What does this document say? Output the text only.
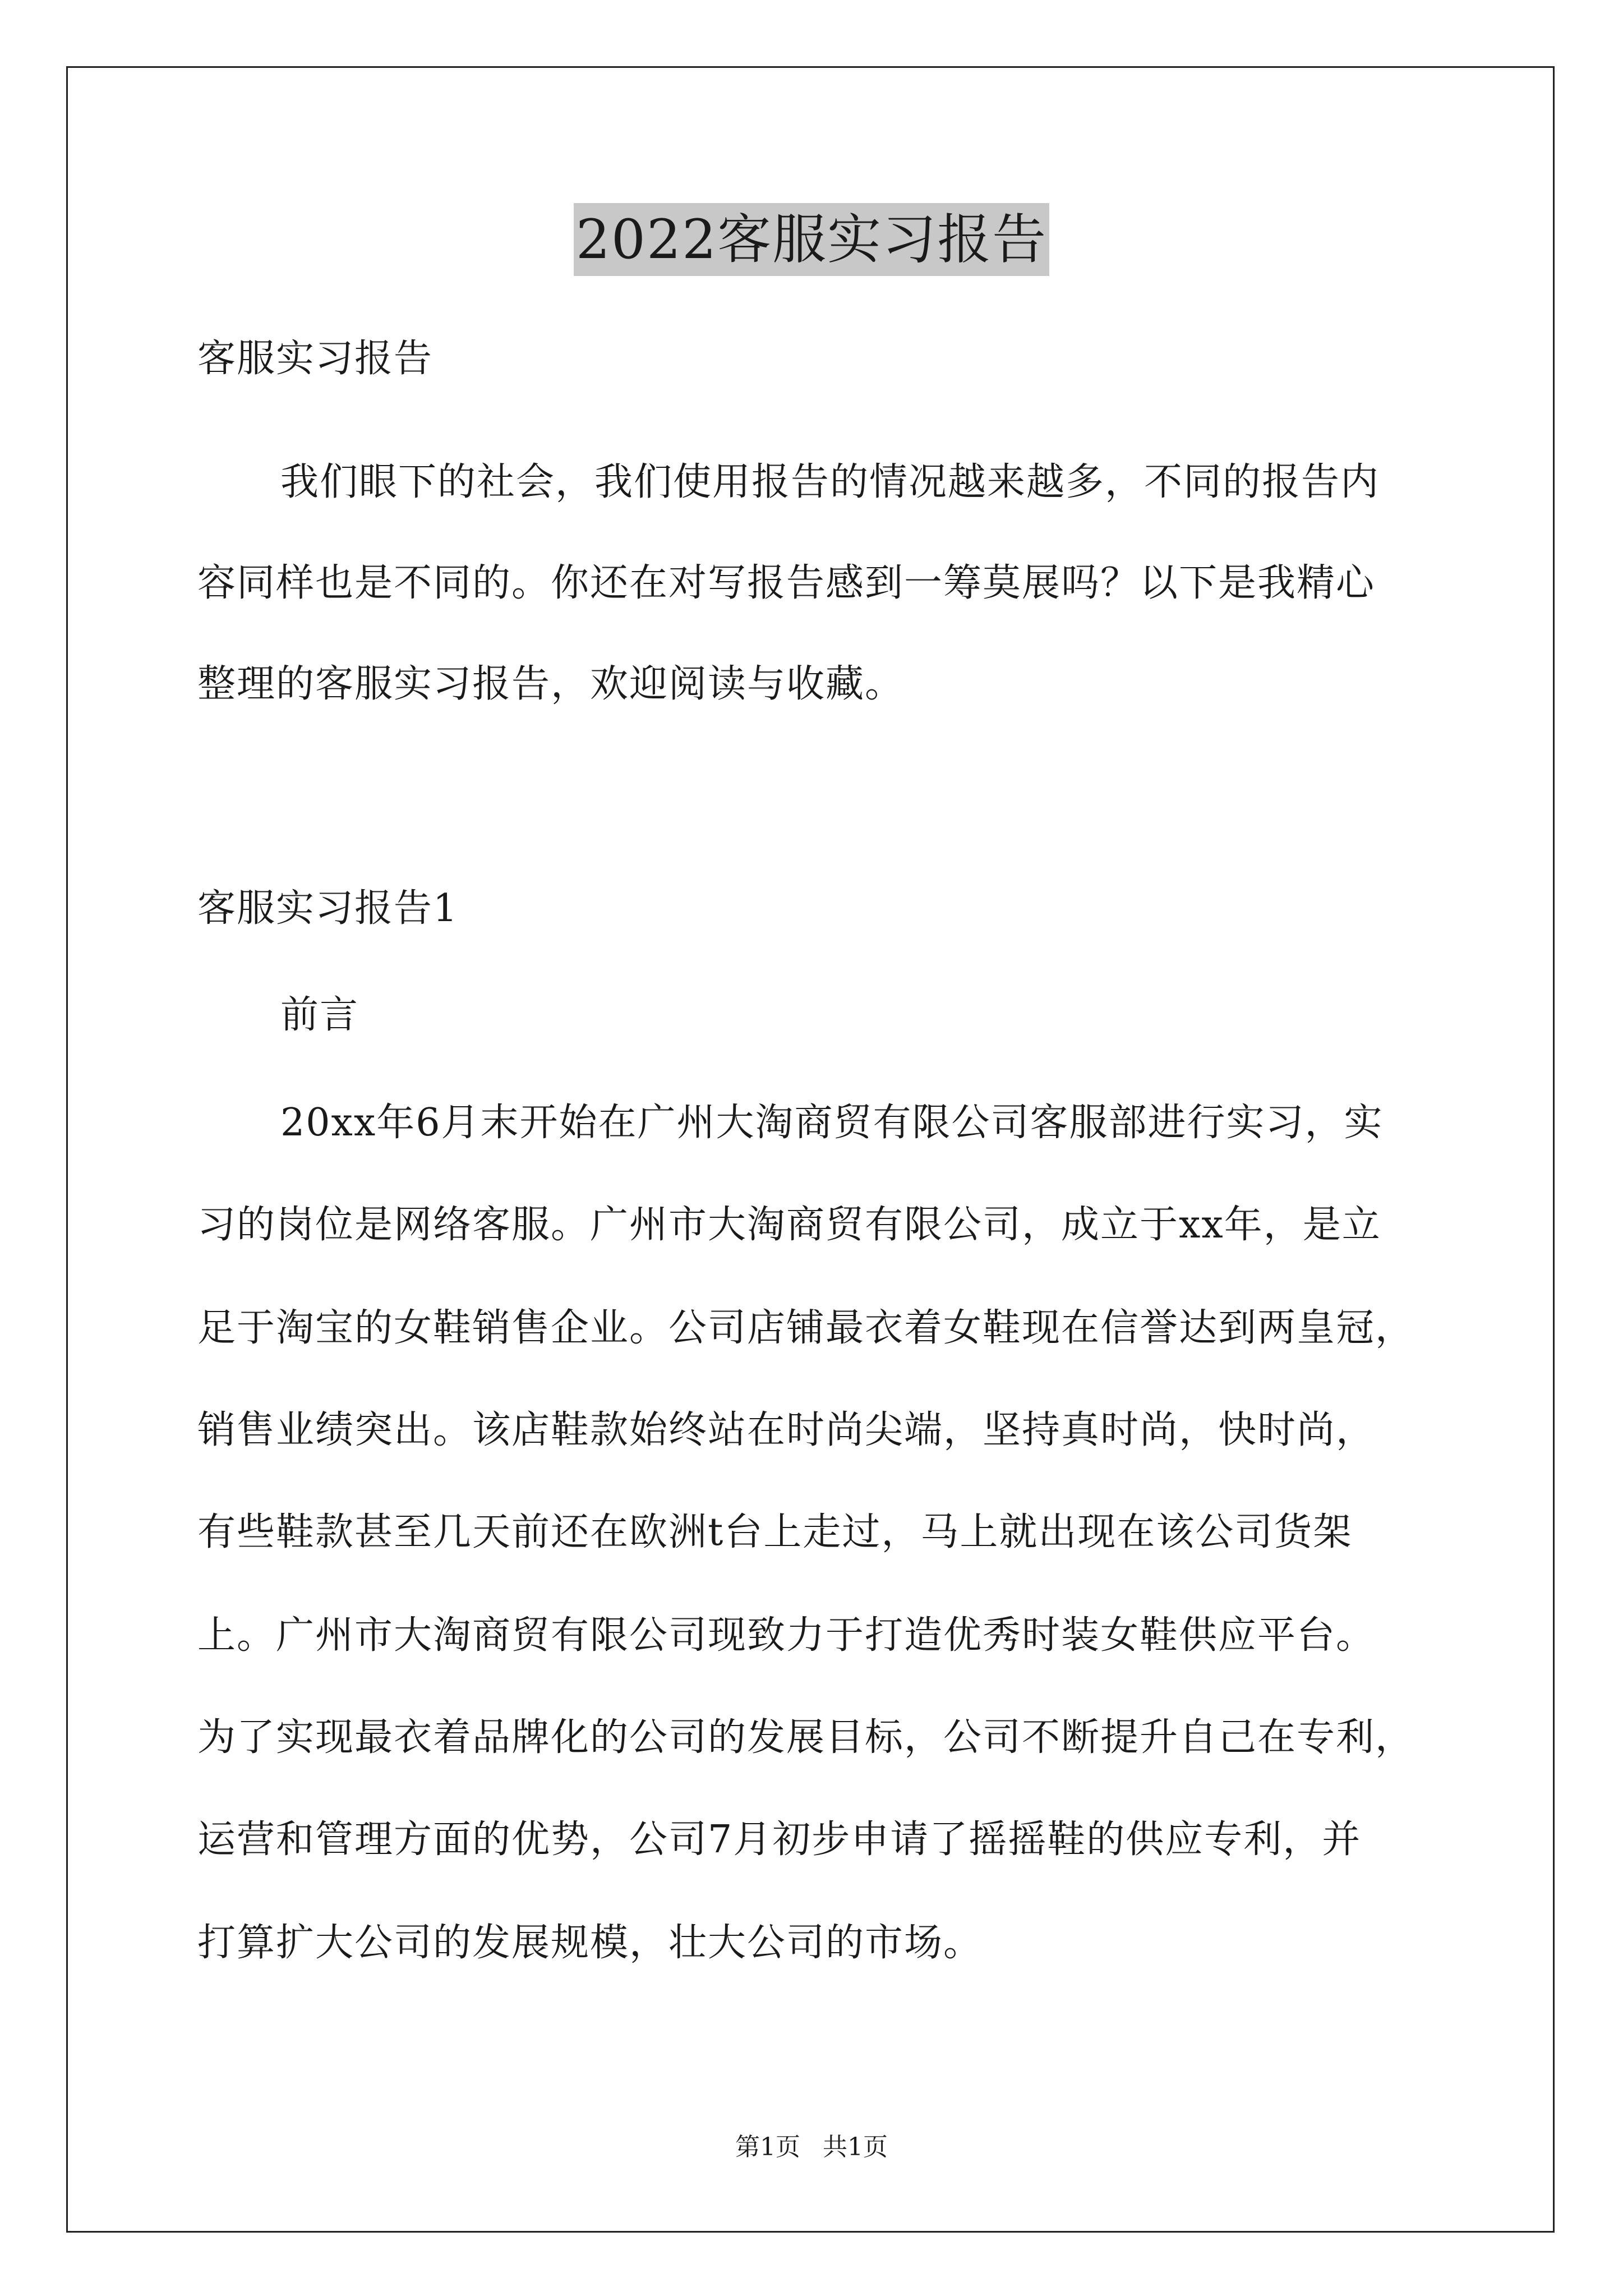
2022客服实习报告
客服实习报告
我们眼下的社会，我们使用报告的情况越来越多，不同的报告内
容同样也是不同的。你还在对写报告感到一筹莫展吗？以下是我精心
整理的客服实习报告，欢迎阅读与收藏。
客服实习报告1
前言
20xx年6月末开始在广州大淘商贸有限公司客服部进行实习，实
习的岗位是网络客服。广州市大淘商贸有限公司，成立于xx年，是立
足于淘宝的女鞋销售企业。公司店铺最衣着女鞋现在信誉达到两皇冠，
销售业绩突出。该店鞋款始终站在时尚尖端，坚持真时尚，快时尚，
有些鞋款甚至几天前还在欧洲t台上走过，马上就出现在该公司货架
上。广州市大淘商贸有限公司现致力于打造优秀时装女鞋供应平台。
为了实现最衣着品牌化的公司的发展目标，公司不断提升自己在专利，
运营和管理方面的优势，公司7月初步申请了摇摇鞋的供应专利，并
打算扩大公司的发展规模，壮大公司的市场。
第1页 共1页
